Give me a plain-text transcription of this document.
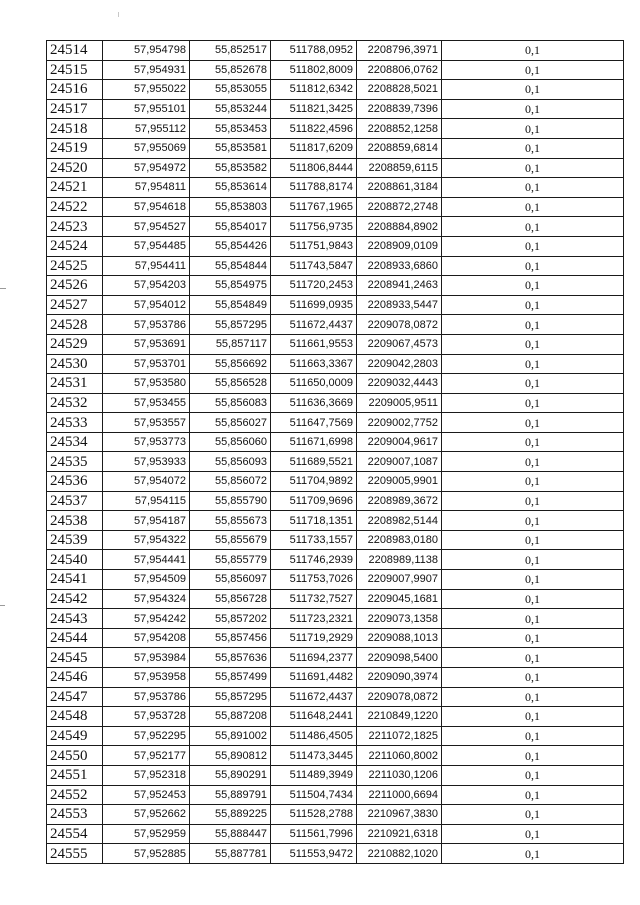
24514	57,954798	55,852517	511788,0952	2208796,3971	0,1
24515	57,954931	55,852678	511802,8009	2208806,0762	0,1
24516	57,955022	55,853055	511812,6342	2208828,5021	0,1
24517	57,955101	55,853244	511821,3425	2208839,7396	0,1
24518	57,955112	55,853453	511822,4596	2208852,1258	0,1
24519	57,955069	55,853581	511817,6209	2208859,6814	0,1
24520	57,954972	55,853582	511806,8444	2208859,6115	0,1
24521	57,954811	55,853614	511788,8174	2208861,3184	0,1
24522	57,954618	55,853803	511767,1965	2208872,2748	0,1
24523	57,954527	55,854017	511756,9735	2208884,8902	0,1
24524	57,954485	55,854426	511751,9843	2208909,0109	0,1
24525	57,954411	55,854844	511743,5847	2208933,6860	0,1
24526	57,954203	55,854975	511720,2453	2208941,2463	0,1
24527	57,954012	55,854849	511699,0935	2208933,5447	0,1
24528	57,953786	55,857295	511672,4437	2209078,0872	0,1
24529	57,953691	55,857117	511661,9553	2209067,4573	0,1
24530	57,953701	55,856692	511663,3367	2209042,2803	0,1
24531	57,953580	55,856528	511650,0009	2209032,4443	0,1
24532	57,953455	55,856083	511636,3669	2209005,9511	0,1
24533	57,953557	55,856027	511647,7569	2209002,7752	0,1
24534	57,953773	55,856060	511671,6998	2209004,9617	0,1
24535	57,953933	55,856093	511689,5521	2209007,1087	0,1
24536	57,954072	55,856072	511704,9892	2209005,9901	0,1
24537	57,954115	55,855790	511709,9696	2208989,3672	0,1
24538	57,954187	55,855673	511718,1351	2208982,5144	0,1
24539	57,954322	55,855679	511733,1557	2208983,0180	0,1
24540	57,954441	55,855779	511746,2939	2208989,1138	0,1
24541	57,954509	55,856097	511753,7026	2209007,9907	0,1
24542	57,954324	55,856728	511732,7527	2209045,1681	0,1
24543	57,954242	55,857202	511723,2321	2209073,1358	0,1
24544	57,954208	55,857456	511719,2929	2209088,1013	0,1
24545	57,953984	55,857636	511694,2377	2209098,5400	0,1
24546	57,953958	55,857499	511691,4482	2209090,3974	0,1
24547	57,953786	55,857295	511672,4437	2209078,0872	0,1
24548	57,953728	55,887208	511648,2441	2210849,1220	0,1
24549	57,952295	55,891002	511486,4505	2211072,1825	0,1
24550	57,952177	55,890812	511473,3445	2211060,8002	0,1
24551	57,952318	55,890291	511489,3949	2211030,1206	0,1
24552	57,952453	55,889791	511504,7434	2211000,6694	0,1
24553	57,952662	55,889225	511528,2788	2210967,3830	0,1
24554	57,952959	55,888447	511561,7996	2210921,6318	0,1
24555	57,952885	55,887781	511553,9472	2210882,1020	0,1
